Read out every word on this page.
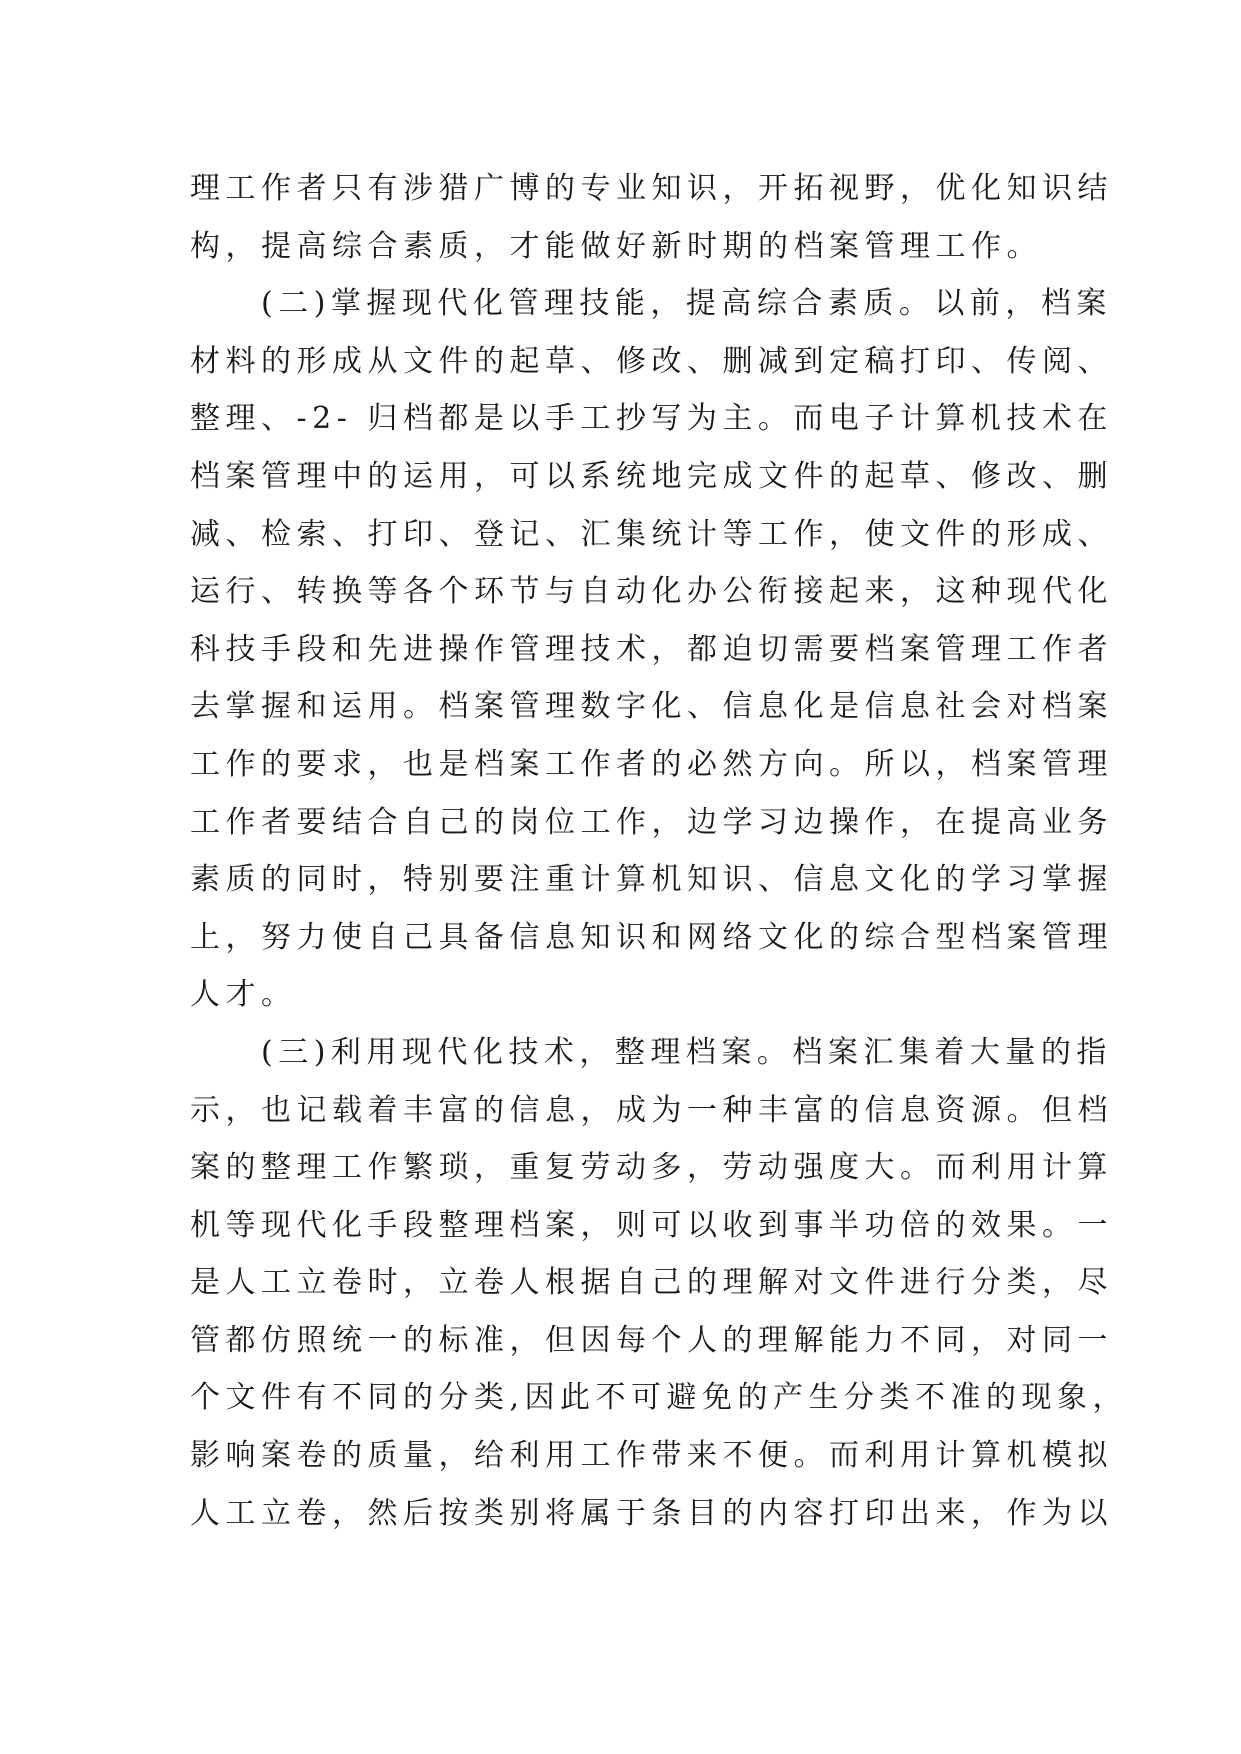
理工作者只有涉猎广博的专业知识，开拓视野，优化知识结
构，提高综合素质，才能做好新时期的档案管理工作。
　　(二)掌握现代化管理技能，提高综合素质。以前，档案
材料的形成从文件的起草、修改、删减到定稿打印、传阅、
整理、-2- 归档都是以手工抄写为主。而电子计算机技术在
档案管理中的运用，可以系统地完成文件的起草、修改、删
减、检索、打印、登记、汇集统计等工作，使文件的形成、
运行、转换等各个环节与自动化办公衔接起来，这种现代化
科技手段和先进操作管理技术，都迫切需要档案管理工作者
去掌握和运用。档案管理数字化、信息化是信息社会对档案
工作的要求，也是档案工作者的必然方向。所以，档案管理
工作者要结合自己的岗位工作，边学习边操作，在提高业务
素质的同时，特别要注重计算机知识、信息文化的学习掌握
上，努力使自己具备信息知识和网络文化的综合型档案管理
人才。
　　(三)利用现代化技术，整理档案。档案汇集着大量的指
示，也记载着丰富的信息，成为一种丰富的信息资源。但档
案的整理工作繁琐，重复劳动多，劳动强度大。而利用计算
机等现代化手段整理档案，则可以收到事半功倍的效果。一
是人工立卷时，立卷人根据自己的理解对文件进行分类，尽
管都仿照统一的标准，但因每个人的理解能力不同，对同一
个文件有不同的分类,因此不可避免的产生分类不准的现象，
影响案卷的质量，给利用工作带来不便。而利用计算机模拟
人工立卷，然后按类别将属于条目的内容打印出来，作为以
